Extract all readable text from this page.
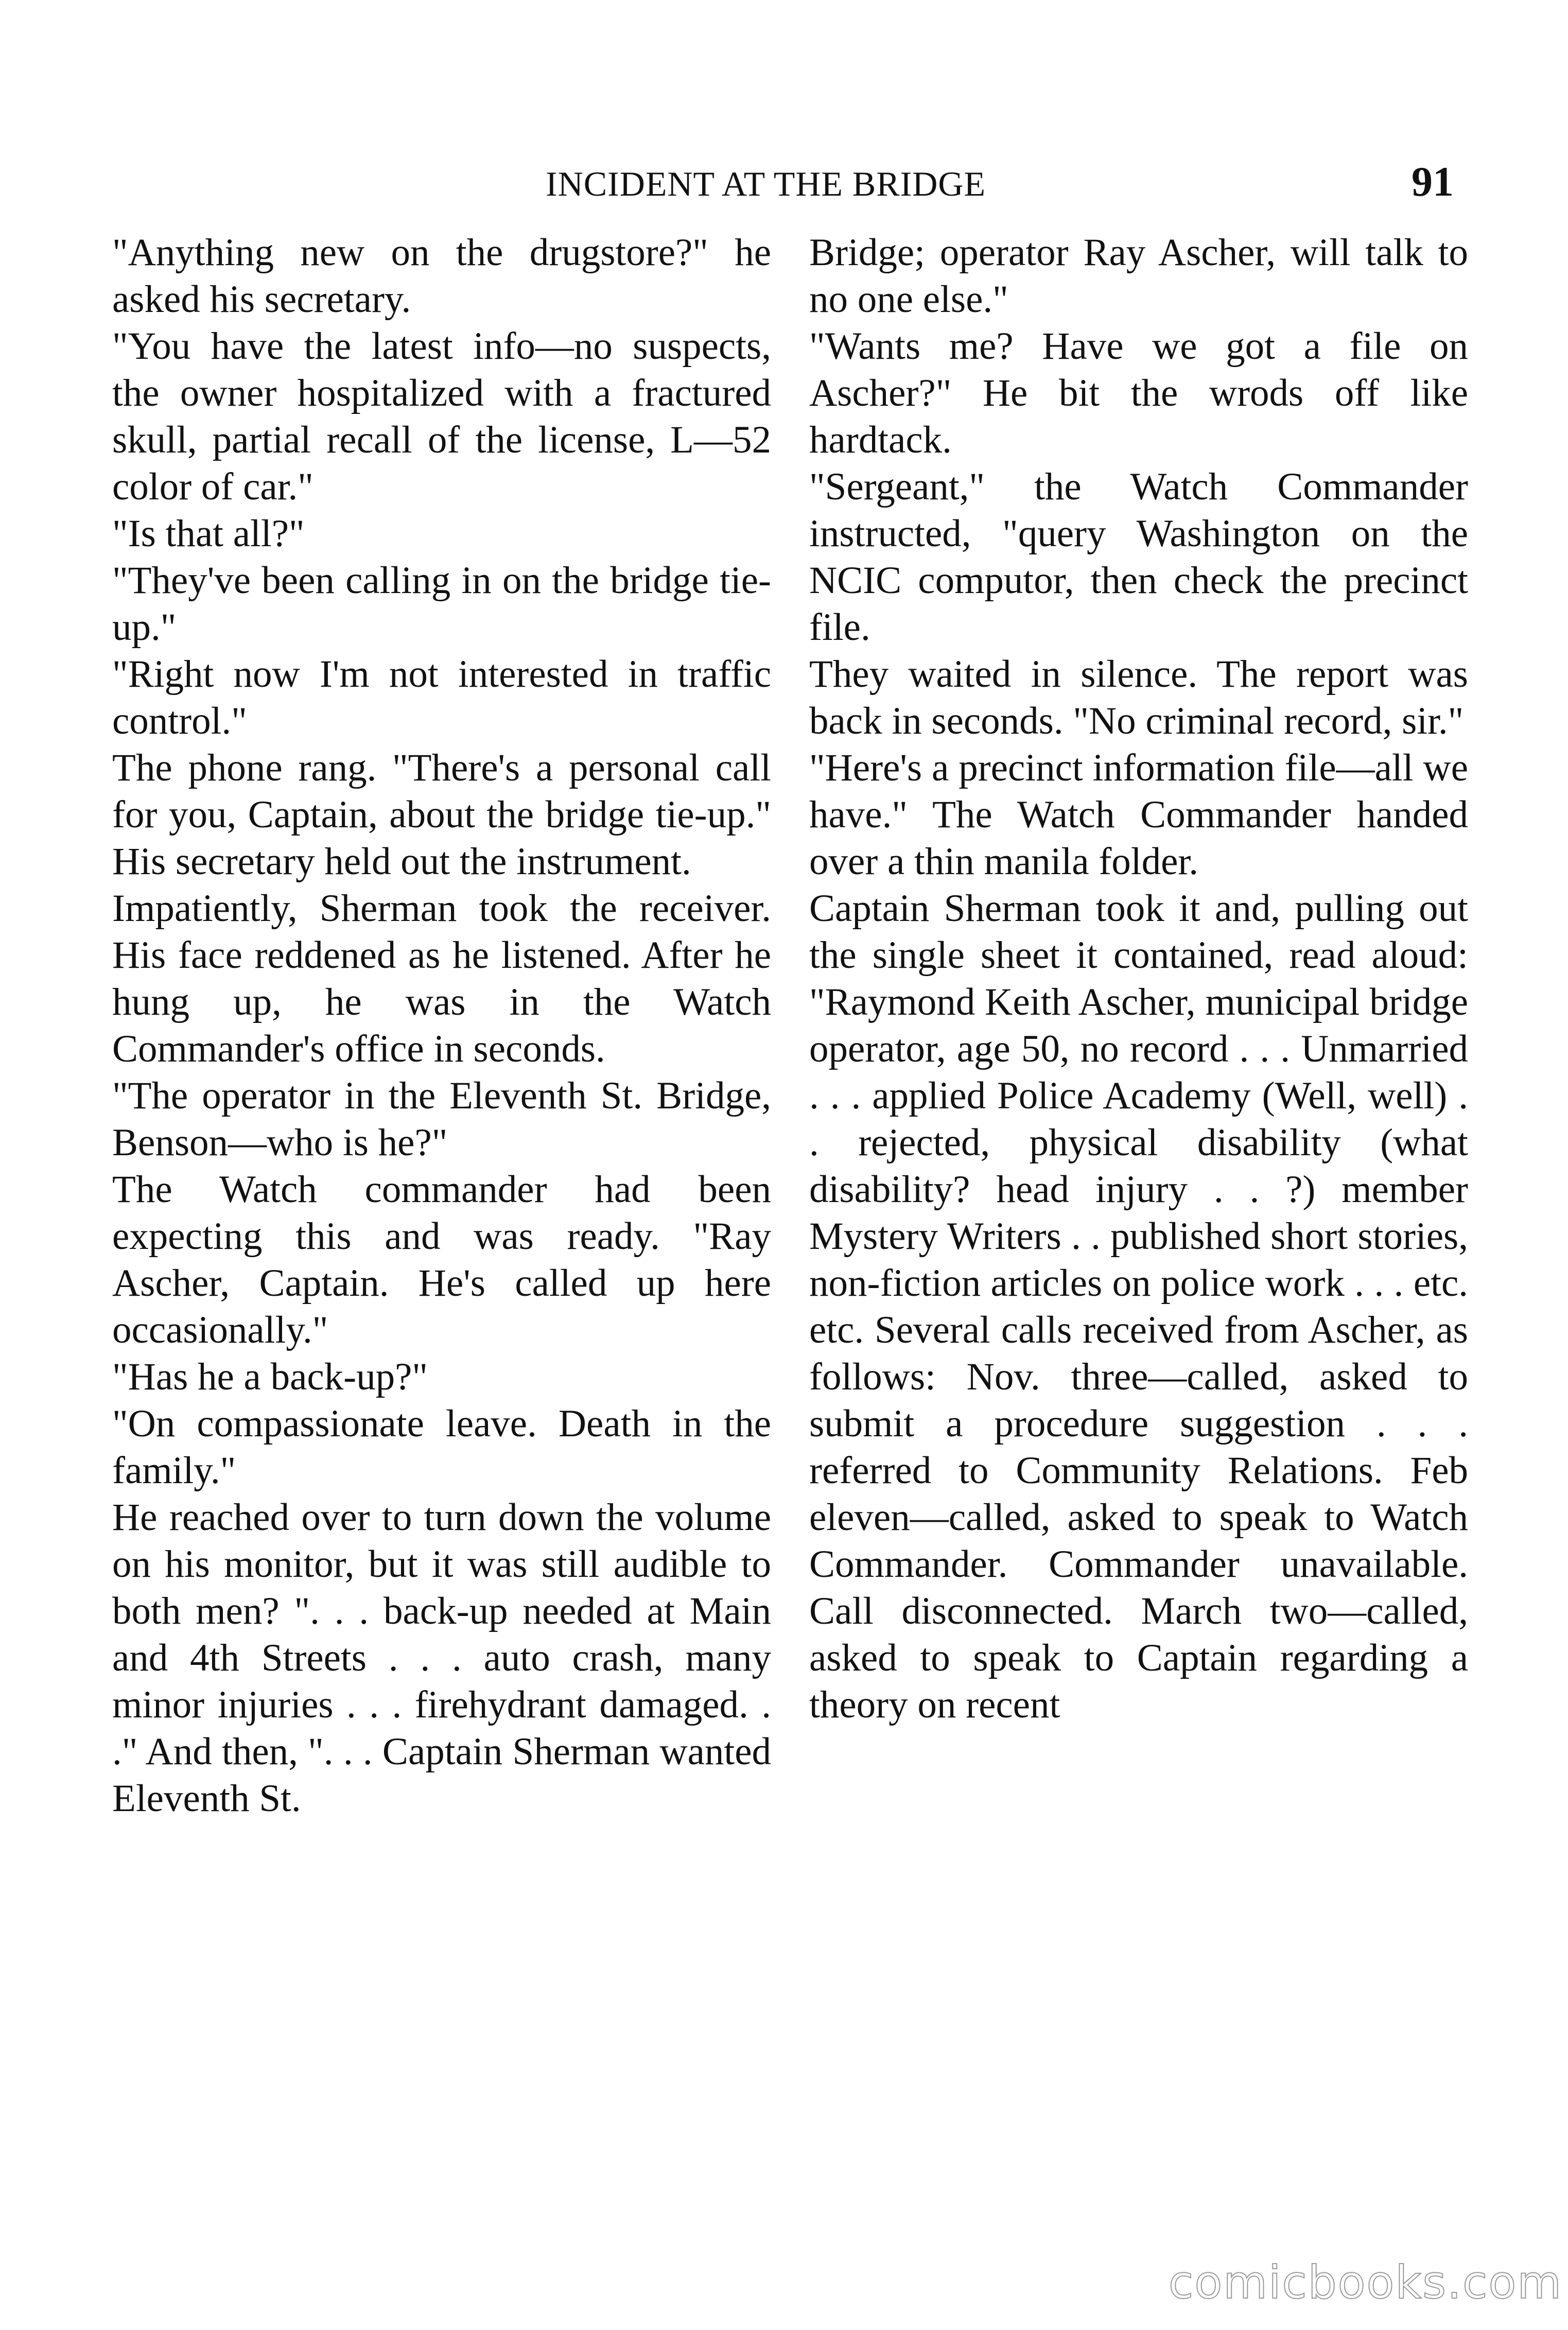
INCIDENT AT THE BRIDGE	91

"Anything new on the drugstore?" he asked his secretary.

"You have the latest info—no suspects, the owner hospitalized with a fractured skull, partial recall of the license, L—52 color of car."

"Is that all?"

"They've been calling in on the bridge tie-up."

"Right now I'm not interested in traffic control."

The phone rang. "There's a personal call for you, Captain, about the bridge tie-up." His secretary held out the instrument.

Impatiently, Sherman took the receiver. His face reddened as he listened. After he hung up, he was in the Watch Commander's office in seconds.

"The operator in the Eleventh St. Bridge, Benson—who is he?"

The Watch commander had been expecting this and was ready. "Ray Ascher, Captain. He's called up here occasionally."

"Has he a back-up?"

"On compassionate leave. Death in the family."

He reached over to turn down the volume on his monitor, but it was still audible to both men? ". . . back-up needed at Main and 4th Streets . . . auto crash, many minor injuries . . . firehydrant damaged. . ." And then, ". . . Captain Sherman wanted Eleventh St.

Bridge; operator Ray Ascher, will talk to no one else."

"Wants me? Have we got a file on Ascher?" He bit the wrods off like hardtack.

"Sergeant," the Watch Commander instructed, "query Washington on the NCIC computor, then check the precinct file.

They waited in silence. The report was back in seconds. "No criminal record, sir."

"Here's a precinct information file—all we have." The Watch Commander handed over a thin manila folder.

Captain Sherman took it and, pulling out the single sheet it contained, read aloud: "Raymond Keith Ascher, municipal bridge operator, age 50, no record . . . Unmarried . . . applied Police Academy (Well, well) . . rejected, physical disability (what disability? head injury . . ?) member Mystery Writers . . published short stories, non-fiction articles on police work . . . etc. etc. Several calls received from Ascher, as follows: Nov. three—called, asked to submit a procedure suggestion . . . referred to Community Relations. Feb eleven—called, asked to speak to Watch Commander. Commander unavailable. Call disconnected. March two—called, asked to speak to Captain regarding a theory on recent

comicbooks.com
